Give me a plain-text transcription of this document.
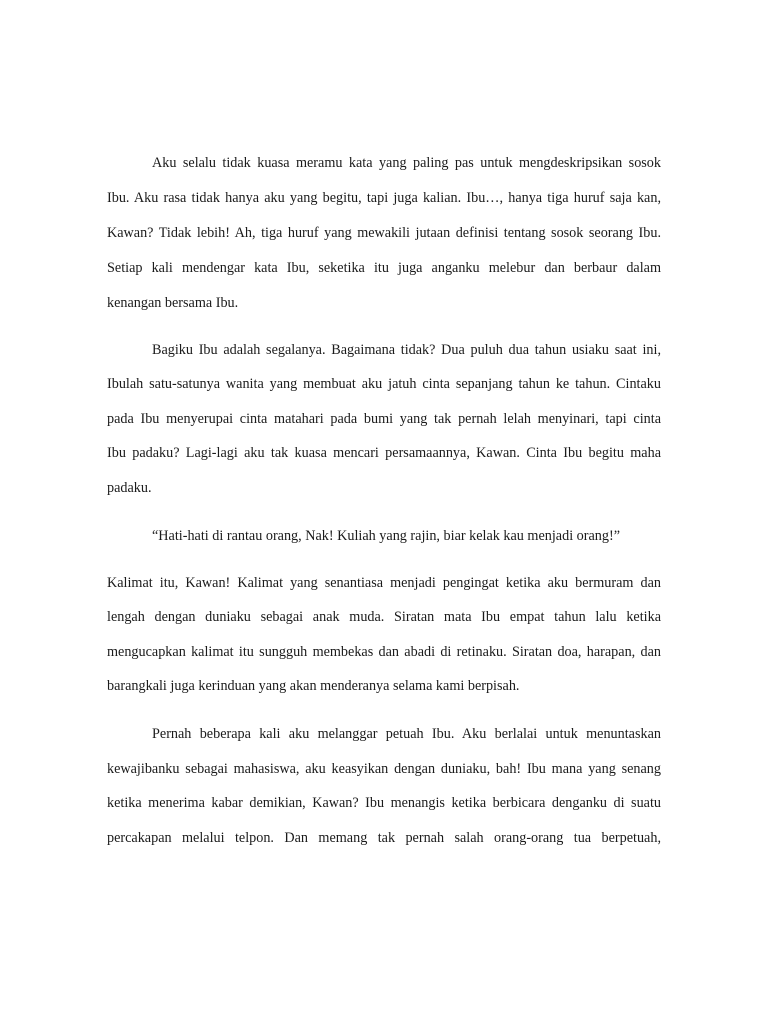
Aku selalu tidak kuasa meramu kata yang paling pas untuk mengdeskripsikan sosok
Ibu. Aku rasa tidak hanya aku yang begitu, tapi juga kalian. Ibu…, hanya tiga huruf saja kan,
Kawan? Tidak lebih! Ah, tiga huruf yang mewakili jutaan definisi tentang sosok seorang Ibu.
Setiap kali mendengar kata Ibu, seketika itu juga anganku melebur dan berbaur dalam
kenangan bersama Ibu.
Bagiku Ibu adalah segalanya. Bagaimana tidak? Dua puluh dua tahun usiaku saat ini,
Ibulah satu-satunya wanita yang membuat aku jatuh cinta sepanjang tahun ke tahun. Cintaku
pada Ibu menyerupai cinta matahari pada bumi yang tak pernah lelah menyinari, tapi cinta
Ibu padaku? Lagi-lagi aku tak kuasa mencari persamaannya, Kawan. Cinta Ibu begitu maha
padaku.
“Hati-hati di rantau orang, Nak! Kuliah yang rajin, biar kelak kau menjadi orang!”
Kalimat itu, Kawan! Kalimat yang senantiasa menjadi pengingat ketika aku bermuram dan
lengah dengan duniaku sebagai anak muda. Siratan mata Ibu empat tahun lalu ketika
mengucapkan kalimat itu sungguh membekas dan abadi di retinaku. Siratan doa, harapan, dan
barangkali juga kerinduan yang akan menderanya selama kami berpisah.
Pernah beberapa kali aku melanggar petuah Ibu. Aku berlalai untuk menuntaskan
kewajibanku sebagai mahasiswa, aku keasyikan dengan duniaku, bah! Ibu mana yang senang
ketika menerima kabar demikian, Kawan? Ibu menangis ketika berbicara denganku di suatu
percakapan melalui telpon. Dan memang tak pernah salah orang-orang tua berpetuah,
